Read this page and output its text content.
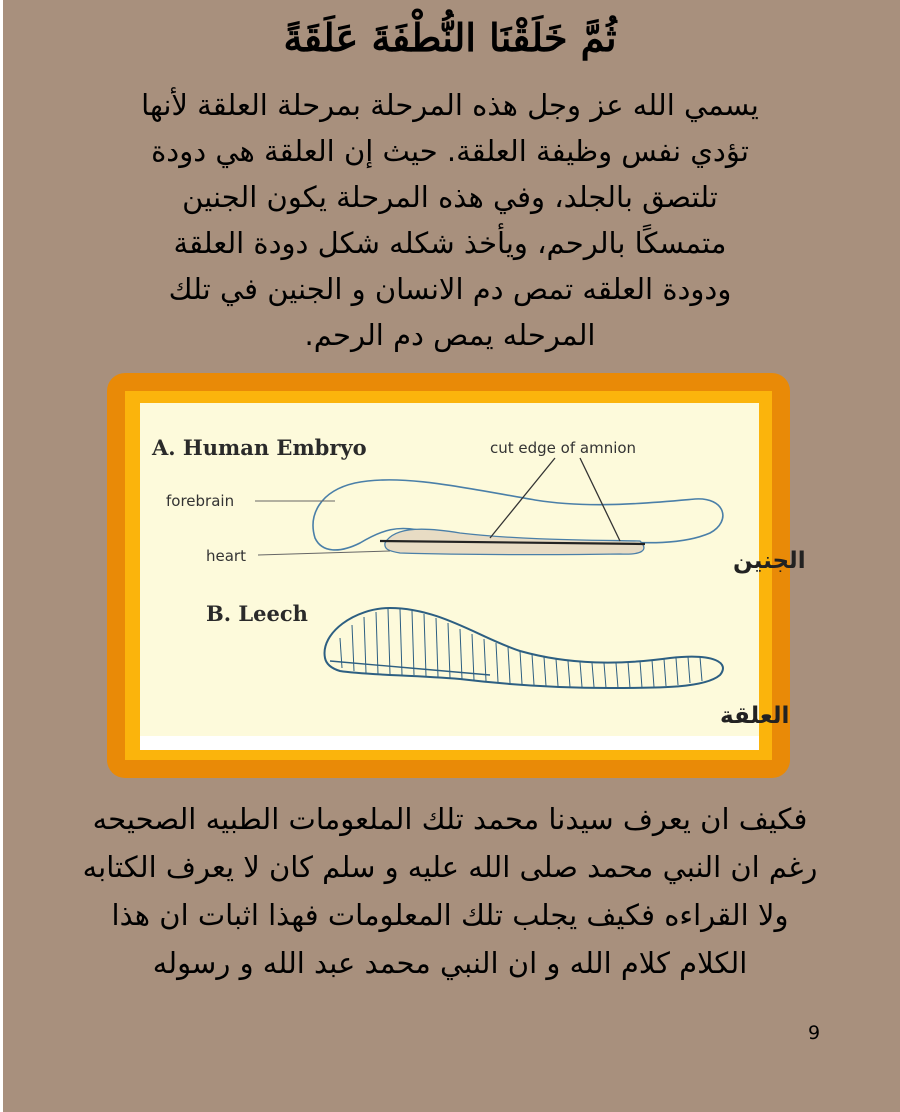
ثُمَّ خَلَقْنَا النُّطْفَةَ عَلَقَةً
يسمي الله عز وجل هذه المرحلة بمرحلة العلقة لأنها
تؤدي نفس وظيفة العلقة. حيث إن العلقة هي دودة
تلتصق بالجلد، وفي هذه المرحلة يكون الجنين
متمسكًا بالرحم، ويأخذ شكله شكل دودة العلقة
ودودة العلقه تمص دم الانسان و الجنين في تلك
المرحله يمص دم الرحم.
A. Human Embryo	cut edge of amnion
forebrain
heart	الجنين
B. Leech
العلقة
فكيف ان يعرف سيدنا محمد تلك الملعومات الطبيه الصحيحه
رغم ان النبي محمد صلى الله عليه و سلم كان لا يعرف الكتابه
ولا القراءه فكيف يجلب تلك المعلومات فهذا اثبات ان هذا
الكلام كلام الله و ان النبي محمد عبد الله و رسوله
9
